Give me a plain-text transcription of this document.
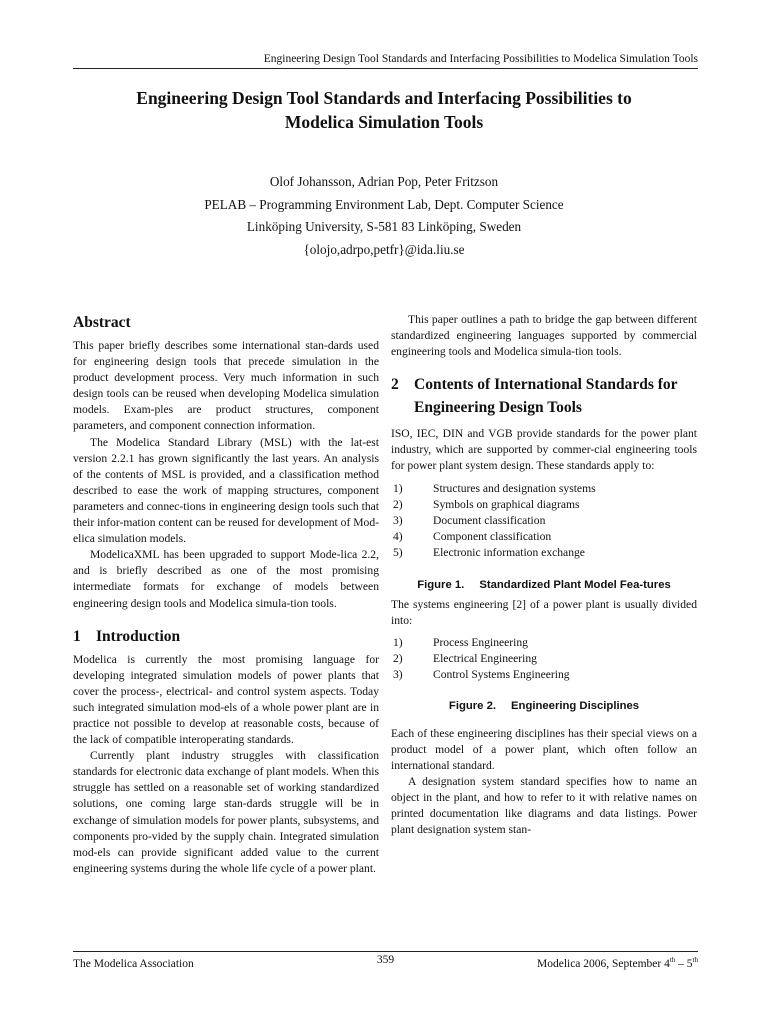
Engineering Design Tool Standards and Interfacing Possibilities to Modelica Simulation Tools
Engineering Design Tool Standards and Interfacing Possibilities to
Modelica Simulation Tools
Olof Johansson, Adrian Pop, Peter Fritzson
PELAB – Programming Environment Lab, Dept. Computer Science
Linköping University, S-581 83 Linköping, Sweden
{olojo,adrpo,petfr}@ida.liu.se
Abstract

This paper briefly describes some international stan-dards used for engineering design tools that precede simulation in the product development process. Very much information in such design tools can be reused when developing Modelica simulation models. Exam-ples are product structures, component parameters, and component connection information.

The Modelica Standard Library (MSL) with the lat-est version 2.2.1 has grown significantly the last years. An analysis of the contents of MSL is provided, and a classification method described to ease the work of mapping structures, component parameters and connec-tions in engineering design tools such that their infor-mation content can be reused for development of Mod-elica simulation models.

ModelicaXML has been upgraded to support Mode-lica 2.2, and is briefly described as one of the most promising intermediate formats for exchange of models between engineering design tools and Modelica simula-tion tools.

1 Introduction

Modelica is currently the most promising language for developing integrated simulation models of power plants that cover the process-, electrical- and control system aspects. Today such integrated simulation mod-els of a whole power plant are in practice not possible to develop at reasonable costs, because of the lack of compatible interoperating standards.

Currently plant industry struggles with classification standards for electronic data exchange of plant models. When this struggle has settled on a reasonable set of working standardized solutions, one coming large stan-dards struggle will be in exchange of simulation models for power plants, subsystems, and components pro-vided by the supply chain. Integrated simulation mod-els can provide significant added value to the current engineering systems during the whole life cycle of a power plant.

This paper outlines a path to bridge the gap between different standardized engineering languages supported by commercial engineering tools and Modelica simula-tion tools.

2 Contents of International Standards for Engineering Design Tools

ISO, IEC, DIN and VGB provide standards for the power plant industry, which are supported by commer-cial engineering tools for power plant system design. These standards apply to:

1)	Structures and designation systems
2)	Symbols on graphical diagrams
3)	Document classification
4)	Component classification
5)	Electronic information exchange
Figure 1. Standardized Plant Model Fea-tures

The systems engineering [2] of a power plant is usually divided into:

1)	Process Engineering
2)	Electrical Engineering
3)	Control Systems Engineering
Figure 2. Engineering Disciplines

Each of these engineering disciplines has their special views on a product model of a power plant, which often follow an international standard.

A designation system standard specifies how to name an object in the plant, and how to refer to it with relative names on printed documentation like diagrams and data listings. Power plant designation system stan-

The Modelica Association	359	Modelica 2006, September 4th – 5th
